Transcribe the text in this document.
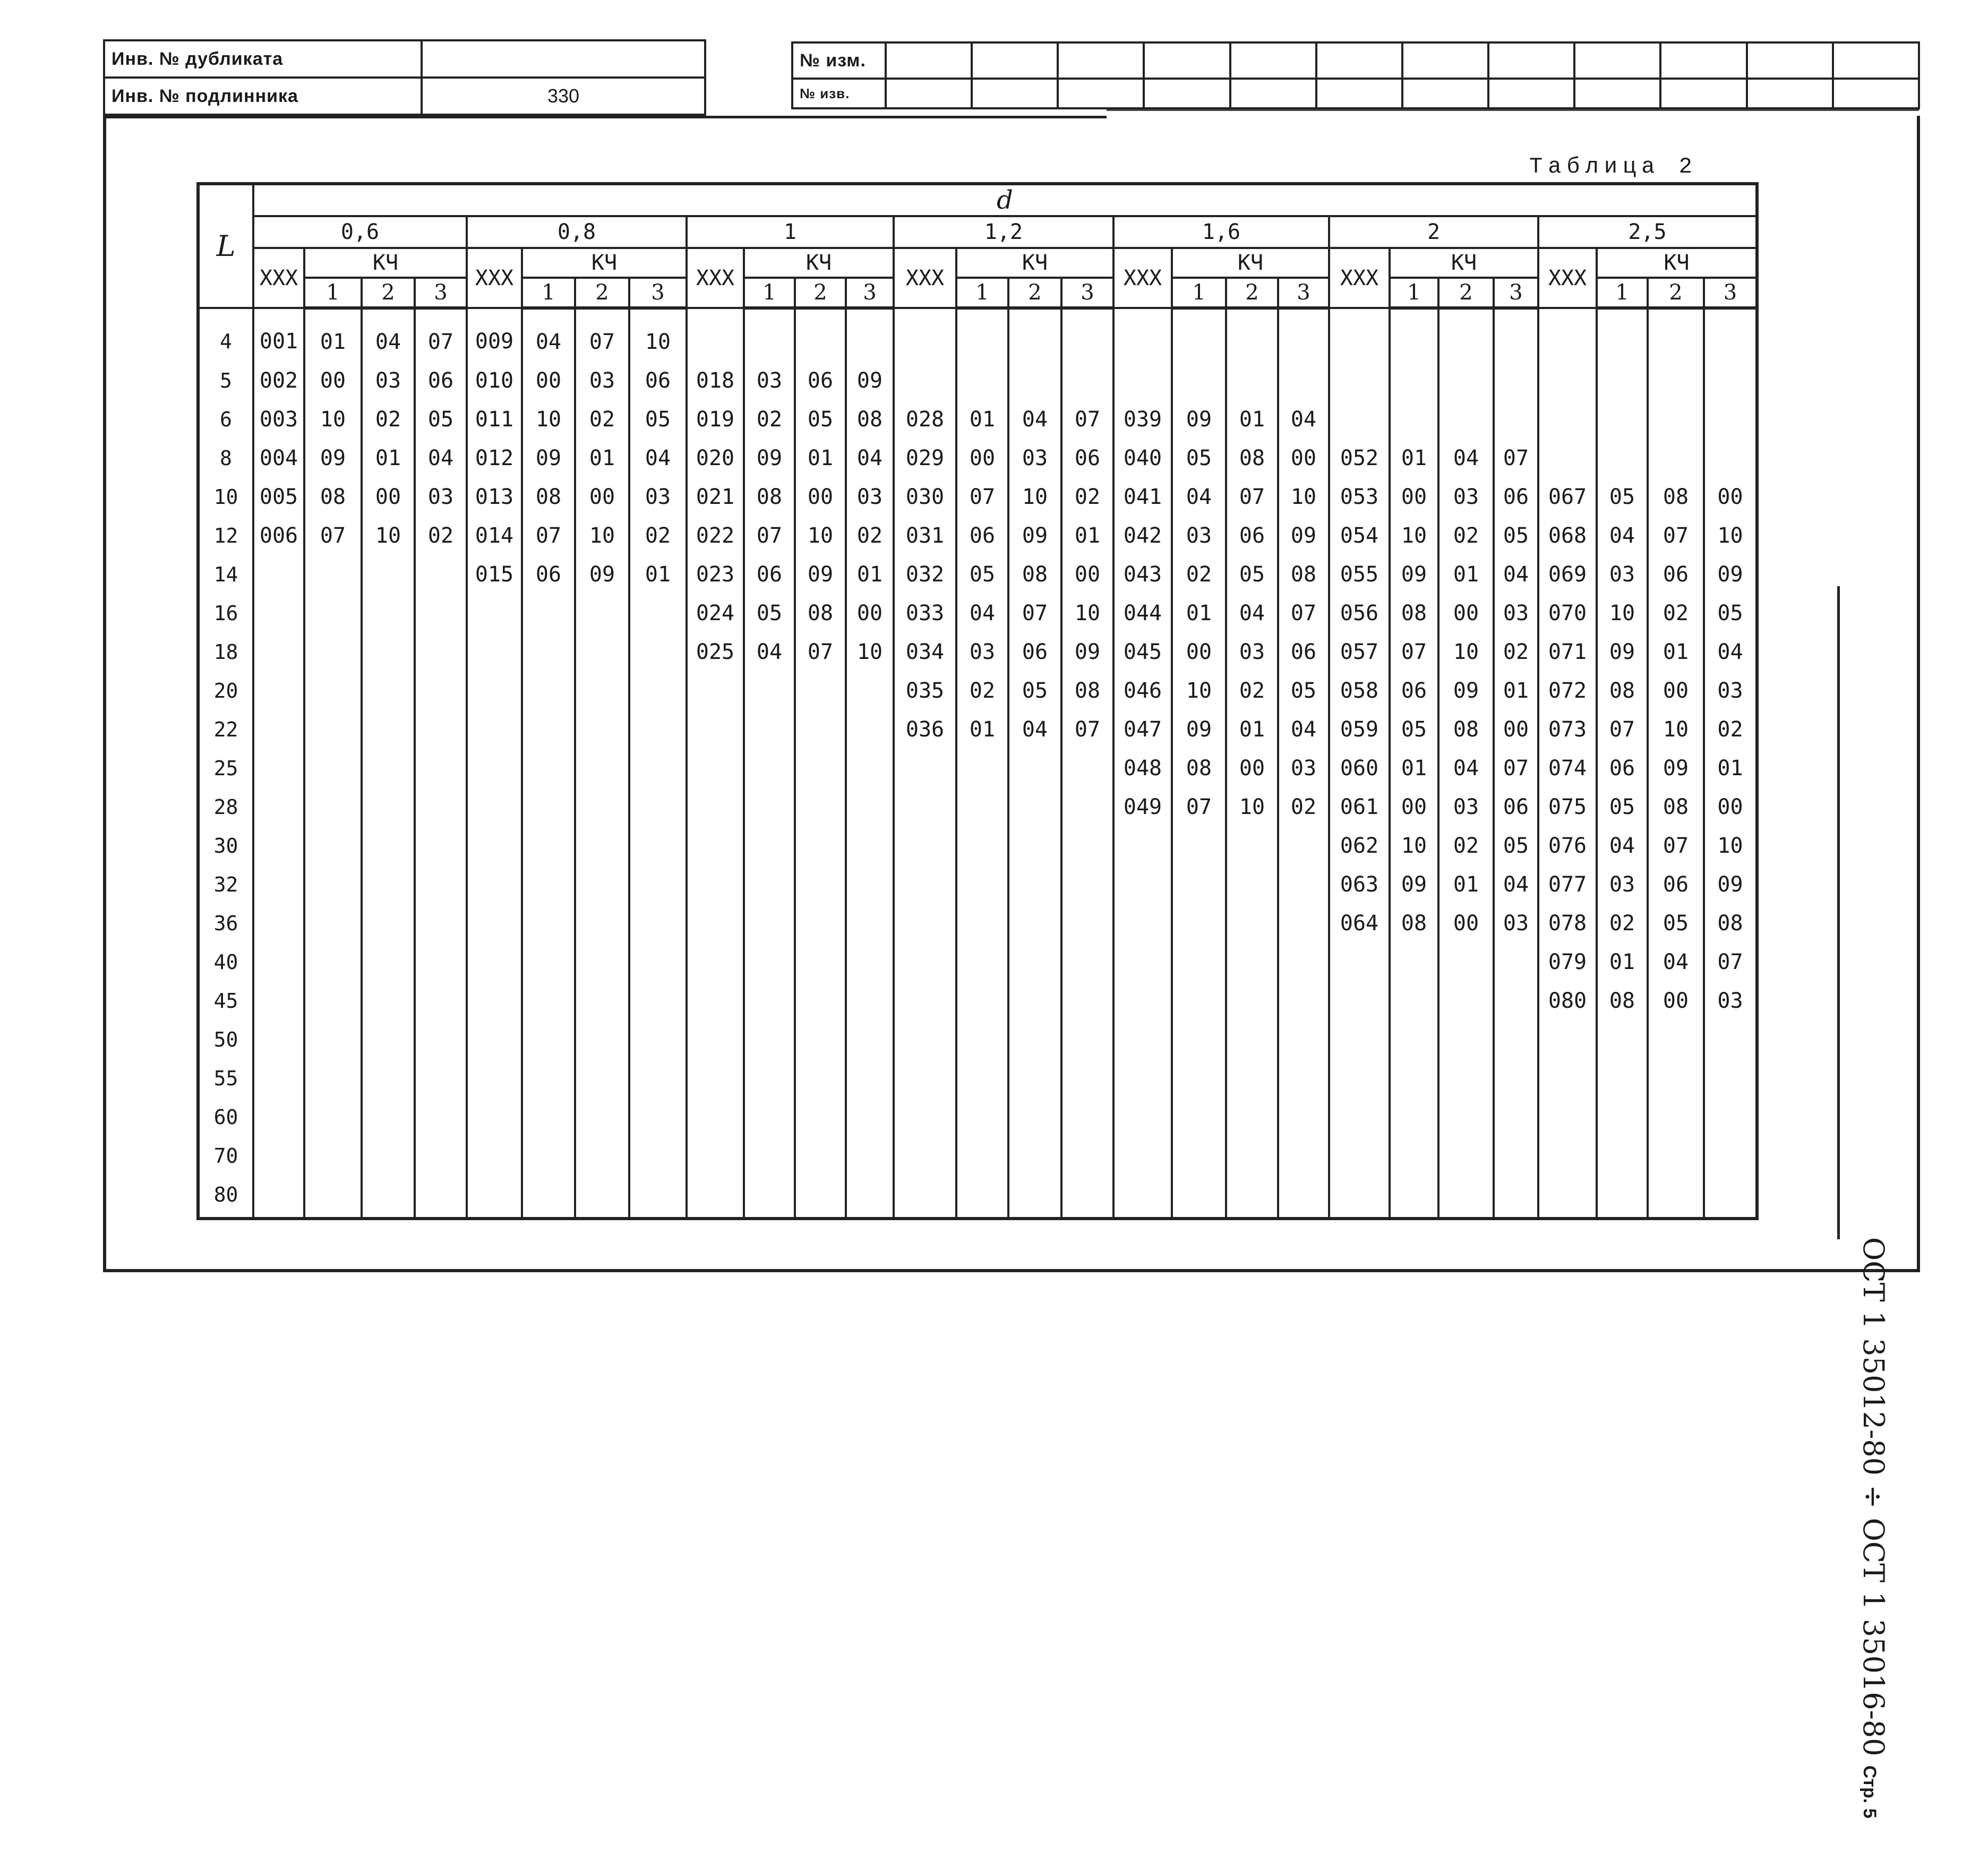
Инв. № дубликата	
Инв. № подлинника	330
№ изм.												
№ изв.												
Таблица 2
L	d																											
	0,6				0,8				1				1,2				1,6				2				2,5			
	XXX	КЧ			XXX	КЧ			XXX	КЧ			XXX	КЧ			XXX	КЧ			XXX	КЧ			XXX	КЧ		
		1	2	3		1	2	3		1	2	3		1	2	3		1	2	3		1	2	3		1	2	3
4	001	01	04	07	009	04	07	10																				
5	002	00	03	06	010	00	03	06	018	03	06	09																
6	003	10	02	05	011	10	02	05	019	02	05	08	028	01	04	07	039	09	01	04								
8	004	09	01	04	012	09	01	04	020	09	01	04	029	00	03	06	040	05	08	00	052	01	04	07				
10	005	08	00	03	013	08	00	03	021	08	00	03	030	07	10	02	041	04	07	10	053	00	03	06	067	05	08	00
12	006	07	10	02	014	07	10	02	022	07	10	02	031	06	09	01	042	03	06	09	054	10	02	05	068	04	07	10
14					015	06	09	01	023	06	09	01	032	05	08	00	043	02	05	08	055	09	01	04	069	03	06	09
16									024	05	08	00	033	04	07	10	044	01	04	07	056	08	00	03	070	10	02	05
18									025	04	07	10	034	03	06	09	045	00	03	06	057	07	10	02	071	09	01	04
20													035	02	05	08	046	10	02	05	058	06	09	01	072	08	00	03
22													036	01	04	07	047	09	01	04	059	05	08	00	073	07	10	02
25																	048	08	00	03	060	01	04	07	074	06	09	01
28																	049	07	10	02	061	00	03	06	075	05	08	00
30																					062	10	02	05	076	04	07	10
32																					063	09	01	04	077	03	06	09
36																					064	08	00	03	078	02	05	08
40																									079	01	04	07
45																									080	08	00	03
50																												
55																												
60																												
70																												
80																												
ОСТ 1 35012-80 ÷ ОСТ 1 35016-80 Стр. 5
